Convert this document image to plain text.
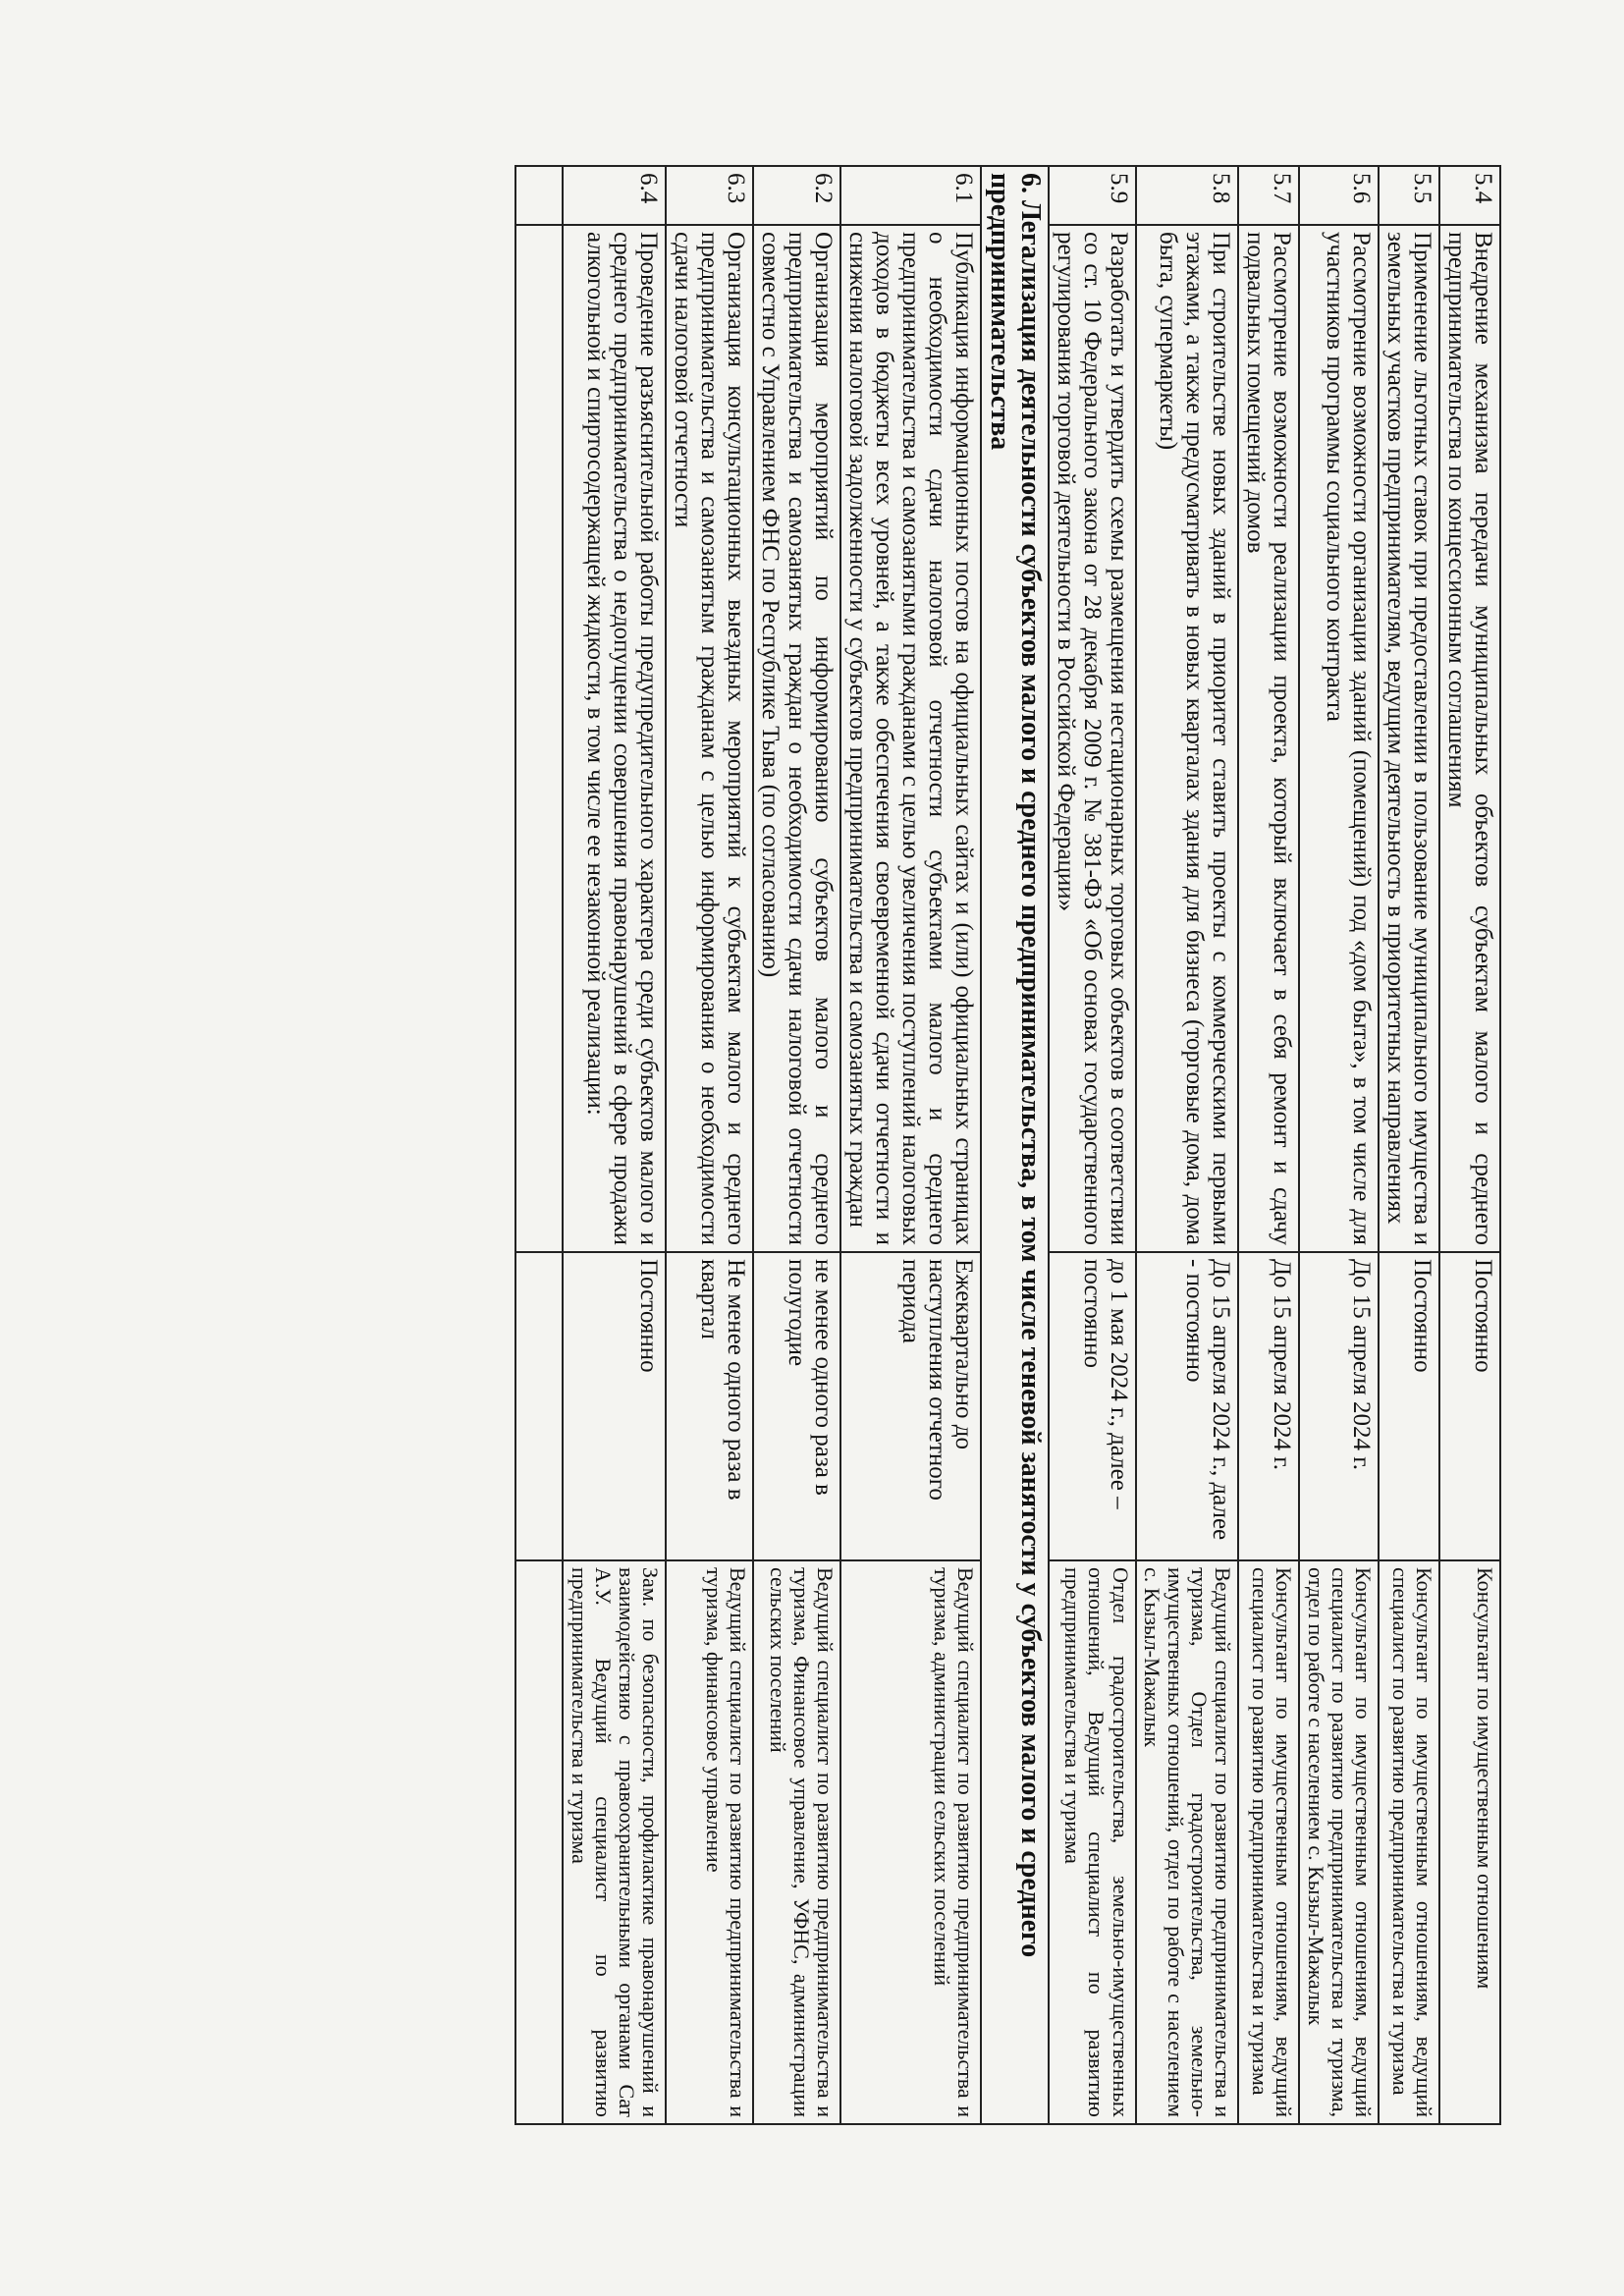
5.4	Внедрение механизма передачи муниципальных объектов субъектам малого и среднего предпринимательства по концессионным соглашениям	Постоянно	Консультант по имущественным отношениям
5.5	Применение льготных ставок при предоставлении в пользование муниципального имущества и земельных участков предпринимателям, ведущим деятельность в приоритетных направлениях	Постоянно	Консультант по имущественным отношениям, ведущий специалист по развитию предпринимательства и туризма
5.6	Рассмотрение возможности организации зданий (помещений) под «дом быта», в том числе для участников программы социального контракта	До 15 апреля 2024 г.	Консультант по имущественным отношениям, ведущий специалист по развитию предпринимательства и туризма, отдел по работе с населением с. Кызыл-Мажалык
5.7	Рассмотрение возможности реализации проекта, который включает в себя ремонт и сдачу подвальных помещений домов	До 15 апреля 2024 г.	Консультант по имущественным отношениям, ведущий специалист по развитию предпринимательства и туризма
5.8	При строительстве новых зданий в приоритет ставить проекты с коммерческими первыми этажами, а также предусматривать в новых кварталах здания для бизнеса (торговые дома, дома быта, супермаркеты)	До 15 апреля 2024 г., далее - постоянно	Ведущий специалист по развитию предпринимательства и туризма, Отдел градостроительства, земельно-имущественных отношений, отдел по работе с населением с. Кызыл-Мажалык
5.9	Разработать и утвердить схемы размещения нестационарных торговых объектов в соответствии со ст. 10 Федерального закона от 28 декабря 2009 г. № 381-ФЗ «Об основах государственного регулирования торговой деятельности в Российской Федерации»	до 1 мая 2024 г., далее – постоянно	Отдел градостроительства, земельно-имущественных отношений, Ведущий специалист по развитию предпринимательства и туризма
6. Легализация деятельности субъектов малого и среднего предпринимательства, в том числе теневой занятости у субъектов малого и среднего предпринимательства			
6.1	Публикация информационных постов на официальных сайтах и (или) официальных страницах о необходимости сдачи налоговой отчетности субъектами малого и среднего предпринимательства и самозанятыми гражданами с целью увеличения поступлений налоговых доходов в бюджеты всех уровней, а также обеспечения своевременной сдачи отчетности и снижения налоговой задолженности у субъектов предпринимательства и самозанятых граждан	Ежеквартально до наступления отчетного периода	Ведущий специалист по развитию предпринимательства и туризма, администрации сельских поселений
6.2	Организация мероприятий по информированию субъектов малого и среднего предпринимательства и самозанятых граждан о необходимости сдачи налоговой отчетности совместно с Управлением ФНС по Республике Тыва (по согласованию)	не менее одного раза в полугодие	Ведущий специалист по развитию предпринимательства и туризма, Финансовое управление, УФНС, администрации сельских поселений
6.3	Организация консультационных выездных мероприятий к субъектам малого и среднего предпринимательства и самозанятым гражданам с целью информирования о необходимости сдачи налоговой отчетности	Не менее одного раза в квартал	Ведущий специалист по развитию предпринимательства и туризма, финансовое управление
6.4	Проведение разъяснительной работы предупредительного характера среди субъектов малого и среднего предпринимательства о недопущении совершения правонарушений в сфере продажи алкогольной и спиртосодержащей жидкости, в том числе ее незаконной реализации:	Постоянно	Зам. по безопасности, профилактике правонарушений и взаимодействию с правоохранительными органами Сат А.У. Ведущий специалист по развитию предпринимательства и туризма
